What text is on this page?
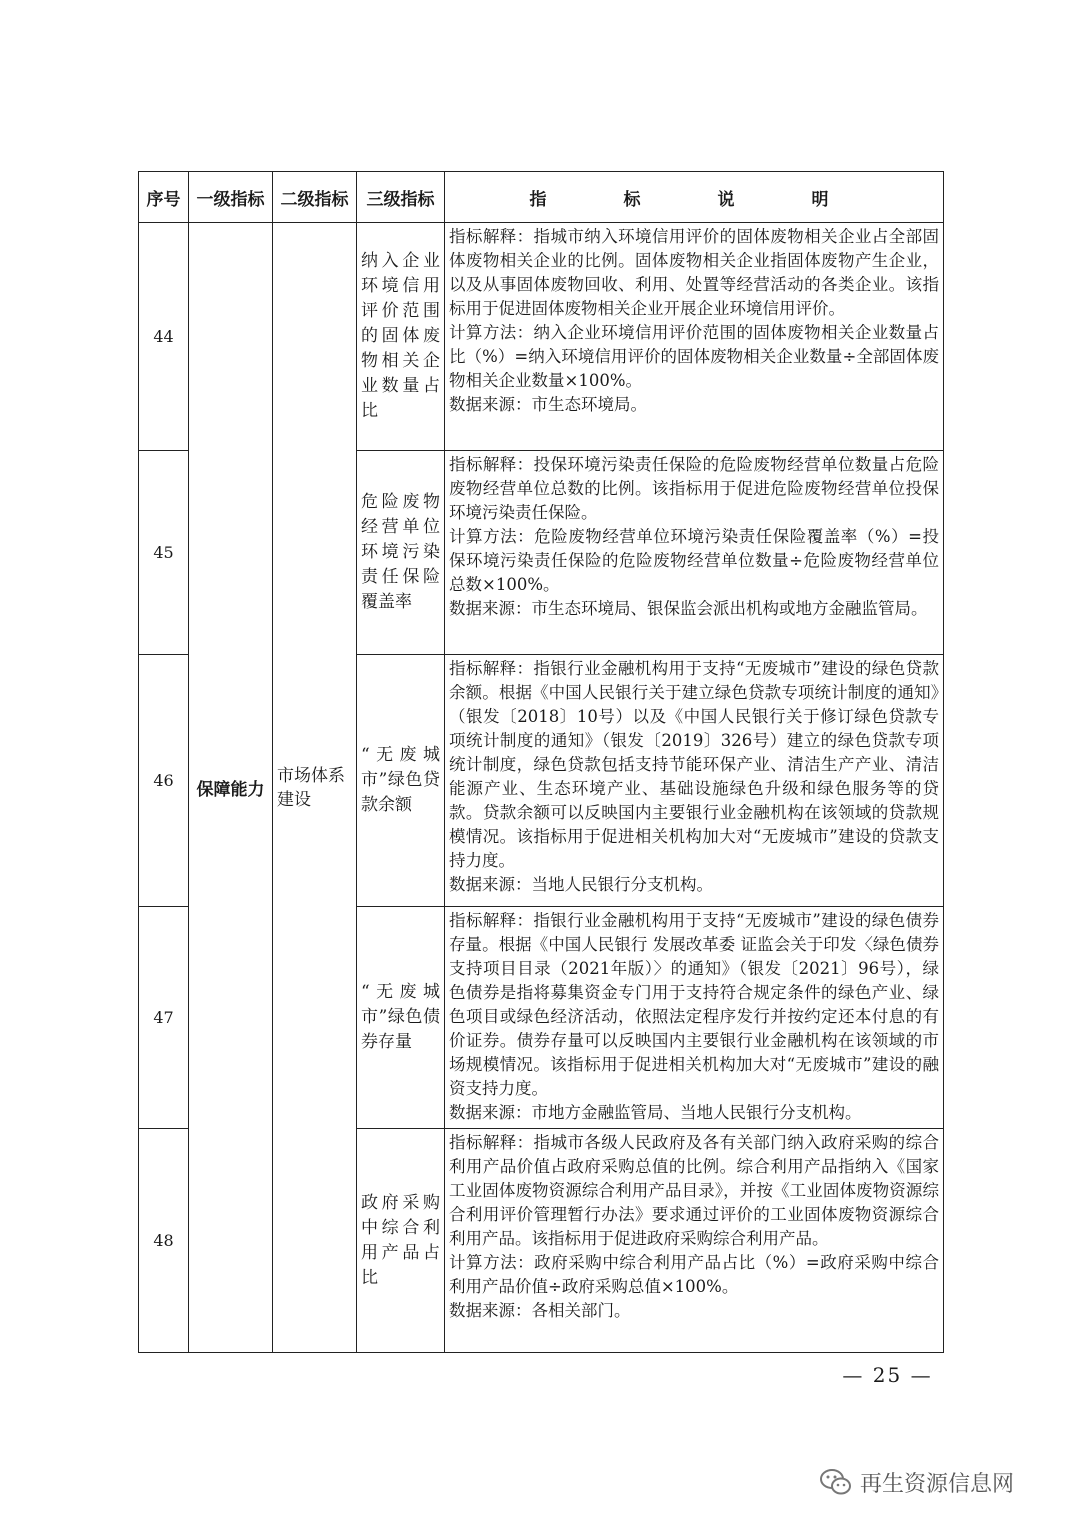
序号	一级指标	二级指标	三级指标	指　标　说　明
44	保障能力	市场体系建设	纳入企业环境信用评价范围的固体废物相关企业数量占比	指标解释：指城市纳入环境信用评价的固体废物相关企业占全部固体废物相关企业的比例。固体废物相关企业指固体废物产生企业，以及从事固体废物回收、利用、处置等经营活动的各类企业。该指标用于促进固体废物相关企业开展企业环境信用评价。

计算方法：纳入企业环境信用评价范围的固体废物相关企业数量占比（%）=纳入环境信用评价的固体废物相关企业数量÷全部固体废物相关企业数量×100%。

数据来源：市生态环境局。

45			危险废物经营单位环境污染责任保险覆盖率	指标解释：投保环境污染责任保险的危险废物经营单位数量占危险废物经营单位总数的比例。该指标用于促进危险废物经营单位投保环境污染责任保险。

计算方法：危险废物经营单位环境污染责任保险覆盖率（%）=投保环境污染责任保险的危险废物经营单位数量÷危险废物经营单位总数×100%。

数据来源：市生态环境局、银保监会派出机构或地方金融监管局。

46			“无废城市”绿色贷款余额	指标解释：指银行业金融机构用于支持“无废城市”建设的绿色贷款余额。根据《中国人民银行关于建立绿色贷款专项统计制度的通知》（银发〔2018〕10号）以及《中国人民银行关于修订绿色贷款专项统计制度的通知》（银发〔2019〕326号）建立的绿色贷款专项统计制度，绿色贷款包括支持节能环保产业、清洁生产产业、清洁能源产业、生态环境产业、基础设施绿色升级和绿色服务等的贷款。贷款余额可以反映国内主要银行业金融机构在该领域的贷款规模情况。该指标用于促进相关机构加大对“无废城市”建设的贷款支持力度。

数据来源：当地人民银行分支机构。

47			“无废城市”绿色债券存量	指标解释：指银行业金融机构用于支持“无废城市”建设的绿色债券存量。根据《中国人民银行 发展改革委 证监会关于印发〈绿色债券支持项目目录（2021年版）〉的通知》（银发〔2021〕96号），绿色债券是指将募集资金专门用于支持符合规定条件的绿色产业、绿色项目或绿色经济活动，依照法定程序发行并按约定还本付息的有价证券。债券存量可以反映国内主要银行业金融机构在该领域的市场规模情况。该指标用于促进相关机构加大对“无废城市”建设的融资支持力度。

数据来源：市地方金融监管局、当地人民银行分支机构。

48			政府采购中综合利用产品占比	指标解释：指城市各级人民政府及各有关部门纳入政府采购的综合利用产品价值占政府采购总值的比例。综合利用产品指纳入《国家工业固体废物资源综合利用产品目录》，并按《工业固体废物资源综合利用评价管理暂行办法》要求通过评价的工业固体废物资源综合利用产品。该指标用于促进政府采购综合利用产品。

计算方法：政府采购中综合利用产品占比（%）=政府采购中综合利用产品价值÷政府采购总值×100%。

数据来源：各相关部门。

— 25 —
再生资源信息网
